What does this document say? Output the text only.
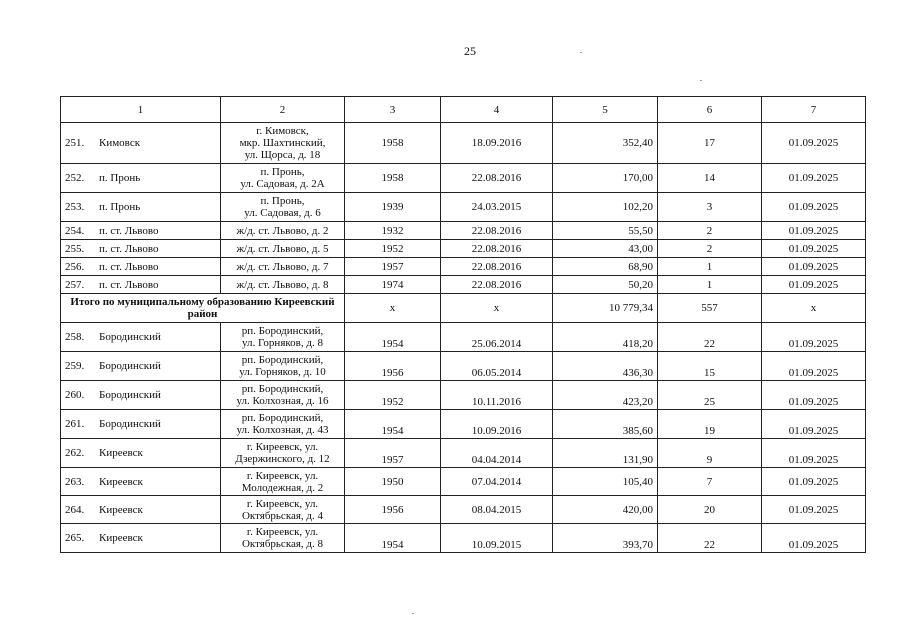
25
1	2	3	4	5	6	7
251. Кимовск	г. Кимовск,
мкр. Шахтинский,
ул. Щорса, д. 18	1958	18.09.2016	352,40	17	01.09.2025
252. п. Пронь	п. Пронь,
ул. Садовая, д. 2А	1958	22.08.2016	170,00	14	01.09.2025
253. п. Пронь	п. Пронь,
ул. Садовая, д. 6	1939	24.03.2015	102,20	3	01.09.2025
254. п. ст. Львово	ж/д. ст. Львово, д. 2	1932	22.08.2016	55,50	2	01.09.2025
255. п. ст. Львово	ж/д. ст. Львово, д. 5	1952	22.08.2016	43,00	2	01.09.2025
256. п. ст. Львово	ж/д. ст. Львово, д. 7	1957	22.08.2016	68,90	1	01.09.2025
257. п. ст. Львово	ж/д. ст. Львово, д. 8	1974	22.08.2016	50,20	1	01.09.2025
Итого по муниципальному образованию Киреевский район		х	х	10 779,34	557	х
258. Бородинский	рп. Бородинский,
ул. Горняков, д. 8	1954	25.06.2014	418,20	22	01.09.2025
259. Бородинский	рп. Бородинский,
ул. Горняков, д. 10	1956	06.05.2014	436,30	15	01.09.2025
260. Бородинский	рп. Бородинский,
ул. Колхозная, д. 16	1952	10.11.2016	423,20	25	01.09.2025
261. Бородинский	рп. Бородинский,
ул. Колхозная, д. 43	1954	10.09.2016	385,60	19	01.09.2025
262. Киреевск	г. Киреевск, ул.
Дзержинского, д. 12	1957	04.04.2014	131,90	9	01.09.2025
263. Киреевск	г. Киреевск, ул.
Молодежная, д. 2	1950	07.04.2014	105,40	7	01.09.2025
264. Киреевск	г. Киреевск, ул.
Октябрьская, д. 4	1956	08.04.2015	420,00	20	01.09.2025
265. Киреевск	г. Киреевск, ул.
Октябрьская, д. 8	1954	10.09.2015	393,70	22	01.09.2025
